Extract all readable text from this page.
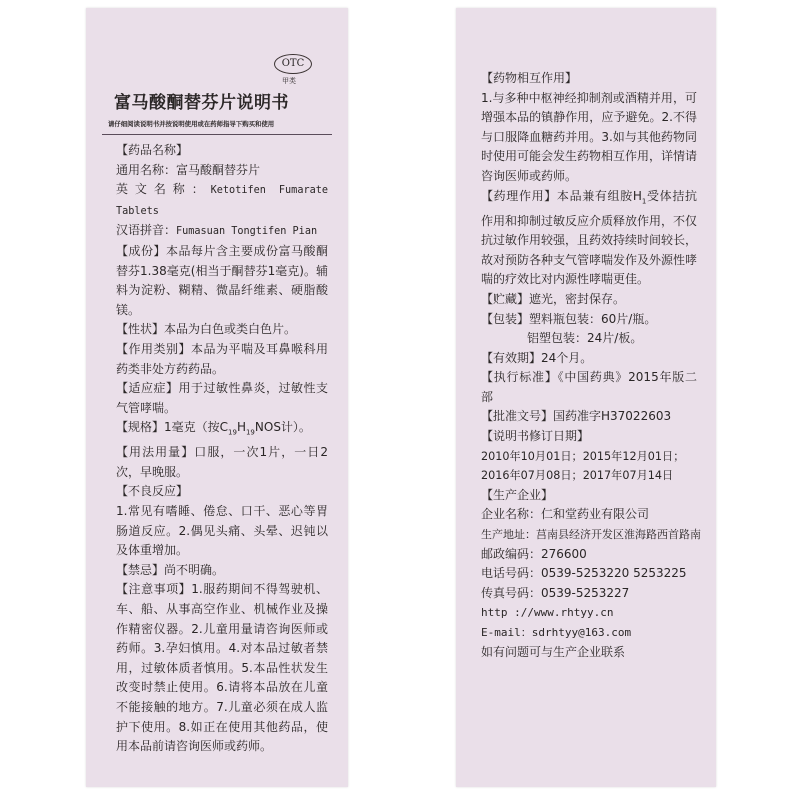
OTC
甲类
富马酸酮替芬片说明书
请仔细阅读说明书并按说明使用或在药师指导下购买和使用

【药品名称】

通用名称：富马酸酮替芬片

英文名称：Ketotifen Fumarate Tablets

汉语拼音：Fumasuan Tongtifen Pian

【成份】本品每片含主要成份富马酸酮替芬1.38毫克(相当于酮替芬1毫克)。辅料为淀粉、糊精、微晶纤维素、硬脂酸镁。

【性状】本品为白色或类白色片。

【作用类别】本品为平喘及耳鼻喉科用药类非处方药药品。

【适应症】用于过敏性鼻炎，过敏性支气管哮喘。

【规格】1毫克（按$C_{19}H_{19}NOS$计）。

【用法用量】口服，一次1片，一日2次，早晚服。

【不良反应】

1.常见有嗜睡、倦怠、口干、恶心等胃肠道反应。2.偶见头痛、头晕、迟钝以及体重增加。

【禁忌】尚不明确。

【注意事项】1.服药期间不得驾驶机、车、船、从事高空作业、机械作业及操作精密仪器。2.儿童用量请咨询医师或药师。3.孕妇慎用。4.对本品过敏者禁用，过敏体质者慎用。5.本品性状发生改变时禁止使用。6.请将本品放在儿童不能接触的地方。7.儿童必须在成人监护下使用。8.如正在使用其他药品，使用本品前请咨询医师或药师。

【药物相互作用】

1.与多种中枢神经抑制剂或酒精并用，可增强本品的镇静作用，应予避免。2.不得与口服降血糖药并用。3.如与其他药物同时使用可能会发生药物相互作用，详情请咨询医师或药师。

【药理作用】本品兼有组胺$H_1$受体拮抗作用和抑制过敏反应介质释放作用，不仅抗过敏作用较强，且药效持续时间较长，故对预防各种支气管哮喘发作及外源性哮喘的疗效比对内源性哮喘更佳。

【贮藏】遮光，密封保存。

【包装】塑料瓶包装：60片/瓶。

铝塑包装：24片/板。

【有效期】24个月。

【执行标准】《中国药典》2015年版二部

【批准文号】国药准字H37022603

【说明书修订日期】

2010年10月01日；2015年12月01日；

2016年07月08日；2017年07月14日

【生产企业】

企业名称：仁和堂药业有限公司

生产地址：莒南县经济开发区淮海路西首路南

邮政编码：276600

电话号码：0539-5253220 5253225

传真号码：0539-5253227

http ://www.rhtyy.cn

E-mail：sdrhtyy@163.com

如有问题可与生产企业联系
